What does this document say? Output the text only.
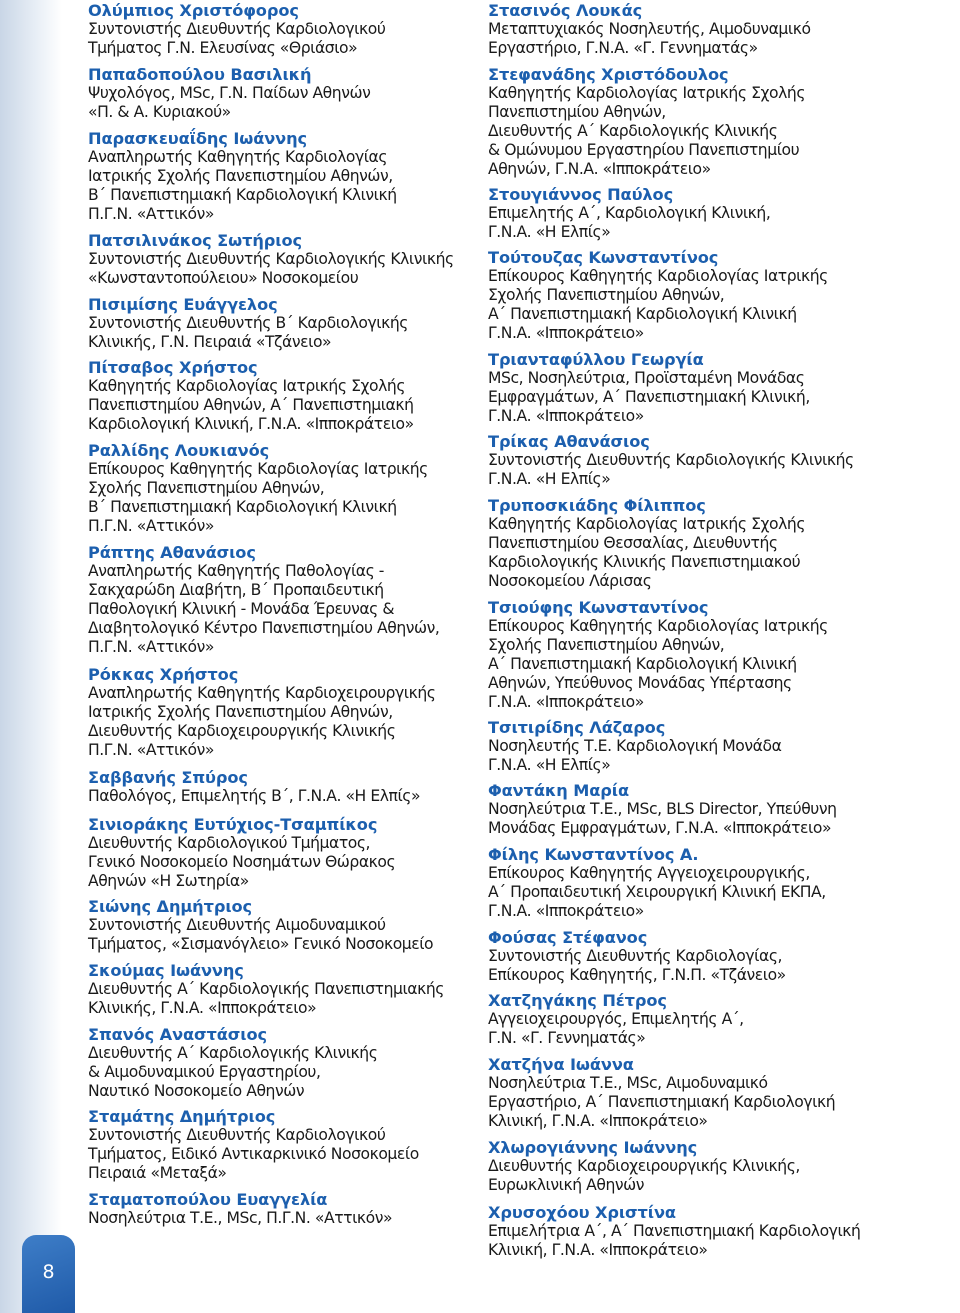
8
Ολύμπιος Χριστόφορος
Συντονιστής Διευθυντής Καρδιολογικού
Τμήματος Γ.Ν. Ελευσίνας «Θριάσιο»
Παπαδοπούλου Βασιλική
Ψυχολόγος, MSc, Γ.Ν. Παίδων Αθηνών
«Π. & Α. Κυριακού»
Παρασκευαΐδης Ιωάννης
Αναπληρωτής Καθηγητής Καρδιολογίας
Ιατρικής Σχολής Πανεπιστημίου Αθηνών,
Β΄ Πανεπιστημιακή Καρδιολογική Κλινική
Π.Γ.Ν. «Αττικόν»
Πατσιλινάκος Σωτήριος
Συντονιστής Διευθυντής Καρδιολογικής Κλινικής
«Κωνσταντοπούλειου» Νοσοκομείου
Πισιμίσης Ευάγγελος
Συντονιστής Διευθυντής Β΄ Καρδιολογικής
Κλινικής, Γ.Ν. Πειραιά «Τζάνειο»
Πίτσαβος Χρήστος
Καθηγητής Καρδιολογίας Ιατρικής Σχολής
Πανεπιστημίου Αθηνών, Α΄ Πανεπιστημιακή
Καρδιολογική Κλινική, Γ.Ν.Α. «Ιπποκράτειο»
Ραλλίδης Λουκιανός
Επίκουρος Καθηγητής Καρδιολογίας Ιατρικής
Σχολής Πανεπιστημίου Αθηνών,
Β΄ Πανεπιστημιακή Καρδιολογική Κλινική
Π.Γ.Ν. «Αττικόν»
Ράπτης Αθανάσιος
Αναπληρωτής Καθηγητής Παθολογίας -
Σακχαρώδη Διαβήτη, Β΄ Προπαιδευτική
Παθολογική Κλινική - Μονάδα Έρευνας &
Διαβητολογικό Κέντρο Πανεπιστημίου Αθηνών,
Π.Γ.Ν. «Αττικόν»
Ρόκκας Χρήστος
Αναπληρωτής Καθηγητής Καρδιοχειρουργικής
Ιατρικής Σχολής Πανεπιστημίου Αθηνών,
Διευθυντής Καρδιοχειρουργικής Κλινικής
Π.Γ.Ν. «Αττικόν»
Σαββανής Σπύρος
Παθολόγος, Επιμελητής Β΄, Γ.Ν.Α. «Η Ελπίς»
Σινιοράκης Ευτύχιος-Τσαμπίκος
Διευθυντής Καρδιολογικού Τμήματος,
Γενικό Νοσοκομείο Νοσημάτων Θώρακος
Αθηνών «Η Σωτηρία»
Σιώνης Δημήτριος
Συντονιστής Διευθυντής Αιμοδυναμικού
Τμήματος, «Σισμανόγλειο» Γενικό Νοσοκομείο
Σκούμας Ιωάννης
Διευθυντής Α΄ Καρδιολογικής Πανεπιστημιακής
Κλινικής, Γ.Ν.Α. «Ιπποκράτειο»
Σπανός Αναστάσιος
Διευθυντής Α΄ Καρδιολογικής Κλινικής
& Αιμοδυναμικού Εργαστηρίου,
Ναυτικό Νοσοκομείο Αθηνών
Σταμάτης Δημήτριος
Συντονιστής Διευθυντής Καρδιολογικού
Τμήματος, Ειδικό Αντικαρκινικό Νοσοκομείο
Πειραιά «Μεταξά»
Σταματοπούλου Ευαγγελία
Νοσηλεύτρια Τ.Ε., MSc, Π.Γ.Ν. «Αττικόν»
Στασινός Λουκάς
Μεταπτυχιακός Νοσηλευτής, Αιμοδυναμικό
Εργαστήριο, Γ.Ν.Α. «Γ. Γεννηματάς»
Στεφανάδης Χριστόδουλος
Καθηγητής Καρδιολογίας Ιατρικής Σχολής
Πανεπιστημίου Αθηνών,
Διευθυντής Α΄ Καρδιολογικής Κλινικής
& Ομώνυμου Εργαστηρίου Πανεπιστημίου
Αθηνών, Γ.Ν.Α. «Ιπποκράτειο»
Στουγιάννος Παύλος
Επιμελητής Α΄, Καρδιολογική Κλινική,
Γ.Ν.Α. «Η Ελπίς»
Τούτουζας Κωνσταντίνος
Επίκουρος Καθηγητής Καρδιολογίας Ιατρικής
Σχολής Πανεπιστημίου Αθηνών,
Α΄ Πανεπιστημιακή Καρδιολογική Κλινική
Γ.Ν.Α. «Ιπποκράτειο»
Τριανταφύλλου Γεωργία
MSc, Νοσηλεύτρια, Προϊσταμένη Μονάδας
Εμφραγμάτων, Α΄ Πανεπιστημιακή Κλινική,
Γ.Ν.Α. «Ιπποκράτειο»
Τρίκας Αθανάσιος
Συντονιστής Διευθυντής Καρδιολογικής Κλινικής
Γ.Ν.Α. «Η Ελπίς»
Τρυποσκιάδης Φίλιππος
Καθηγητής Καρδιολογίας Ιατρικής Σχολής
Πανεπιστημίου Θεσσαλίας, Διευθυντής
Καρδιολογικής Κλινικής Πανεπιστημιακού
Νοσοκομείου Λάρισας
Τσιούφης Κωνσταντίνος
Επίκουρος Καθηγητής Καρδιολογίας Ιατρικής
Σχολής Πανεπιστημίου Αθηνών,
Α΄ Πανεπιστημιακή Καρδιολογική Κλινική
Αθηνών, Υπεύθυνος Μονάδας Υπέρτασης
Γ.Ν.Α. «Ιπποκράτειο»
Τσιτιρίδης Λάζαρος
Νοσηλευτής Τ.Ε. Καρδιολογική Μονάδα
Γ.Ν.Α. «Η Ελπίς»
Φαντάκη Μαρία
Νοσηλεύτρια Τ.Ε., MSc, BLS Director, Υπεύθυνη
Μονάδας Εμφραγμάτων, Γ.Ν.Α. «Ιπποκράτειο»
Φίλης Κωνσταντίνος Α.
Επίκουρος Καθηγητής Αγγειοχειρουργικής,
Α΄ Προπαιδευτική Χειρουργική Κλινική ΕΚΠΑ,
Γ.Ν.Α. «Ιπποκράτειο»
Φούσας Στέφανος
Συντονιστής Διευθυντής Καρδιολογίας,
Επίκουρος Καθηγητής, Γ.Ν.Π. «Τζάνειο»
Χατζηγάκης Πέτρος
Αγγειοχειρουργός, Επιμελητής Α΄,
Γ.Ν. «Γ. Γεννηματάς»
Χατζήνα Ιωάννα
Νοσηλεύτρια Τ.Ε., MSc, Αιμοδυναμικό
Εργαστήριο, Α΄ Πανεπιστημιακή Καρδιολογική
Κλινική, Γ.Ν.Α. «Ιπποκράτειο»
Χλωρογιάννης Ιωάννης
Διευθυντής Καρδιοχειρουργικής Κλινικής,
Ευρωκλινική Αθηνών
Χρυσοχόου Χριστίνα
Επιμελήτρια Α΄, Α΄ Πανεπιστημιακή Καρδιολογική
Κλινική, Γ.Ν.Α. «Ιπποκράτειο»
